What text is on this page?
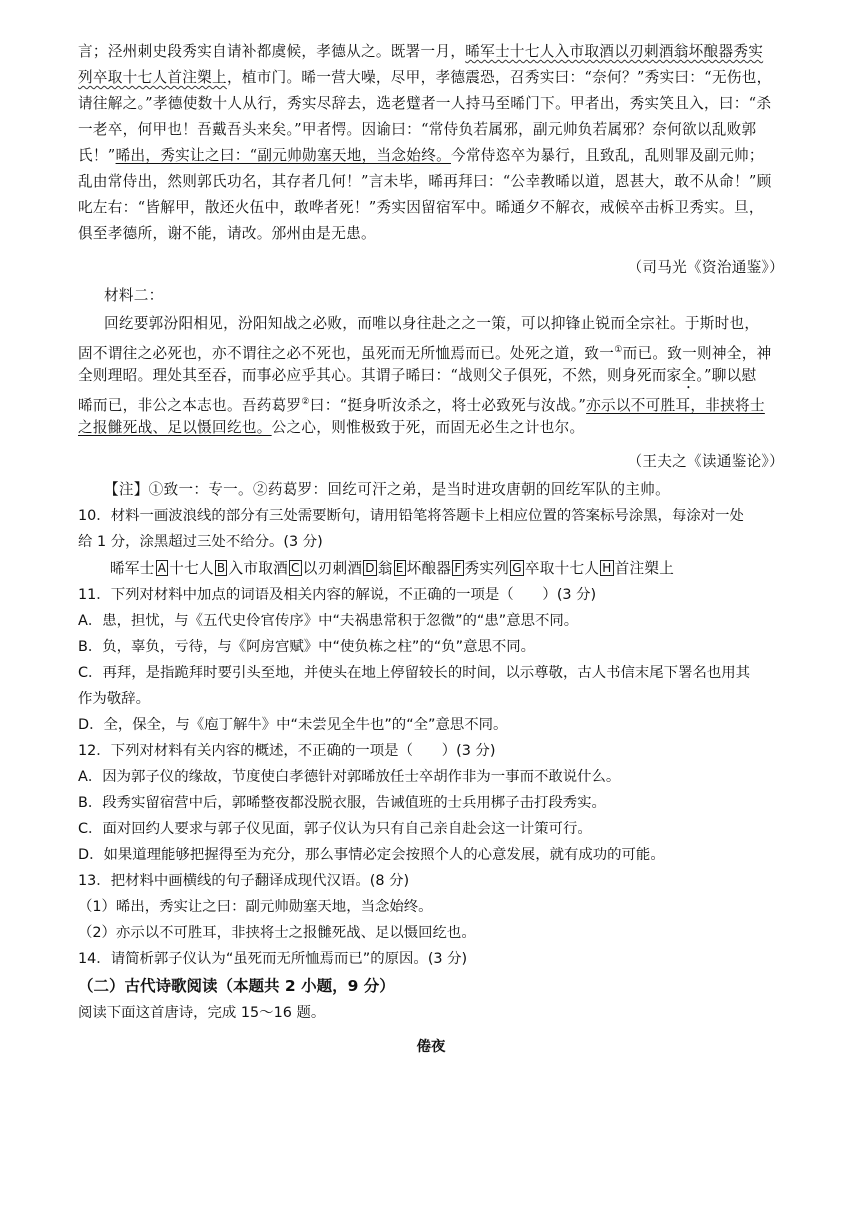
言；泾州刺史段秀实自请补都虞候，孝德从之。既署一月，晞军士十七人入市取酒以刃刺酒翁坏酿器秀实
列卒取十七人首注槊上，植市门。晞一营大噪，尽甲，孝德震恐，召秀实曰：“奈何？”秀实曰：“无伤也，
请往解之。”孝德使数十人从行，秀实尽辞去，选老躄者一人持马至晞门下。甲者出，秀实笑且入，曰：“杀
一老卒，何甲也！吾戴吾头来矣。”甲者愕。因谕曰：“常侍负若属邪，副元帅负若属邪？奈何欲以乱败郭
氏！”晞出，秀实让之曰：“副元帅勋塞天地，当念始终。今常侍恣卒为暴行，且致乱，乱则罪及副元帅；
乱由常侍出，然则郭氏功名，其存者几何！”言未毕，晞再拜曰：“公幸教晞以道，恩甚大，敢不从命！”顾
叱左右：“皆解甲，散还火伍中，敢哗者死！”秀实因留宿军中。晞通夕不解衣，戒候卒击柝卫秀实。旦，
俱至孝德所，谢不能，请改。邠州由是无患。
（司马光《资治通鉴》）
材料二：
回纥要郭汾阳相见，汾阳知战之必败，而唯以身往赴之之一策，可以抑锋止锐而全宗社。于斯时也，
固不谓往之必死也，亦不谓往之必不死也，虽死而无所恤焉而已。处死之道，致一①而已。致一则神全，神
全则理昭。理处其至吞，而事必应乎其心。其谓子晞曰：“战则父子俱死，不然，则身死而家全。”聊以慰
晞而已，非公之本志也。吾药葛罗②曰：“挺身听汝杀之，将士必致死与汝战。”亦示以不可胜耳，非挟将士
之报雠死战、足以慑回纥也。公之心，则惟极致于死，而固无必生之计也尔。
（王夫之《读通鉴论》）
【注】①致一：专一。②药葛罗：回纥可汗之弟，是当时进攻唐朝的回纥军队的主帅。
10．材料一画波浪线的部分有三处需要断句，请用铅笔将答题卡上相应位置的答案标号涂黑，每涂对一处
给 1 分，涂黑超过三处不给分。(3 分)
晞军士 A 十七人 B 入市取酒 C 以刃刺酒 D 翁 E 坏酿器 F 秀实列 G 卒取十七人 H 首注槊上
11．下列对材料中加点的词语及相关内容的解说，不正确的一项是（　　）(3 分)
A．患，担忧，与《五代史伶官传序》中“夫祸患常积于忽微”的“患”意思不同。
B．负，辜负，亏待，与《阿房宫赋》中“使负栋之柱”的“负”意思不同。
C．再拜，是指跪拜时要引头至地，并使头在地上停留较长的时间，以示尊敬，古人书信末尾下署名也用其
作为敬辞。
D．全，保全，与《庖丁解牛》中“未尝见全牛也”的“全”意思不同。
12．下列对材料有关内容的概述，不正确的一项是（　　）(3 分)
A．因为郭子仪的缘故，节度使白孝德针对郭晞放任士卒胡作非为一事而不敢说什么。
B．段秀实留宿营中后，郭晞整夜都没脱衣服，告诫值班的士兵用梆子击打段秀实。
C．面对回约人要求与郭子仪见面，郭子仪认为只有自己亲自赴会这一计策可行。
D．如果道理能够把握得至为充分，那么事情必定会按照个人的心意发展，就有成功的可能。
13．把材料中画横线的句子翻译成现代汉语。(8 分)
（1）晞出，秀实让之曰：副元帅勋塞天地，当念始终。
（2）亦示以不可胜耳，非挟将士之报雠死战、足以慑回纥也。
14．请简析郭子仪认为“虽死而无所恤焉而已”的原因。(3 分)
（二）古代诗歌阅读（本题共 2 小题，9 分）
阅读下面这首唐诗，完成 15～16 题。
倦夜
